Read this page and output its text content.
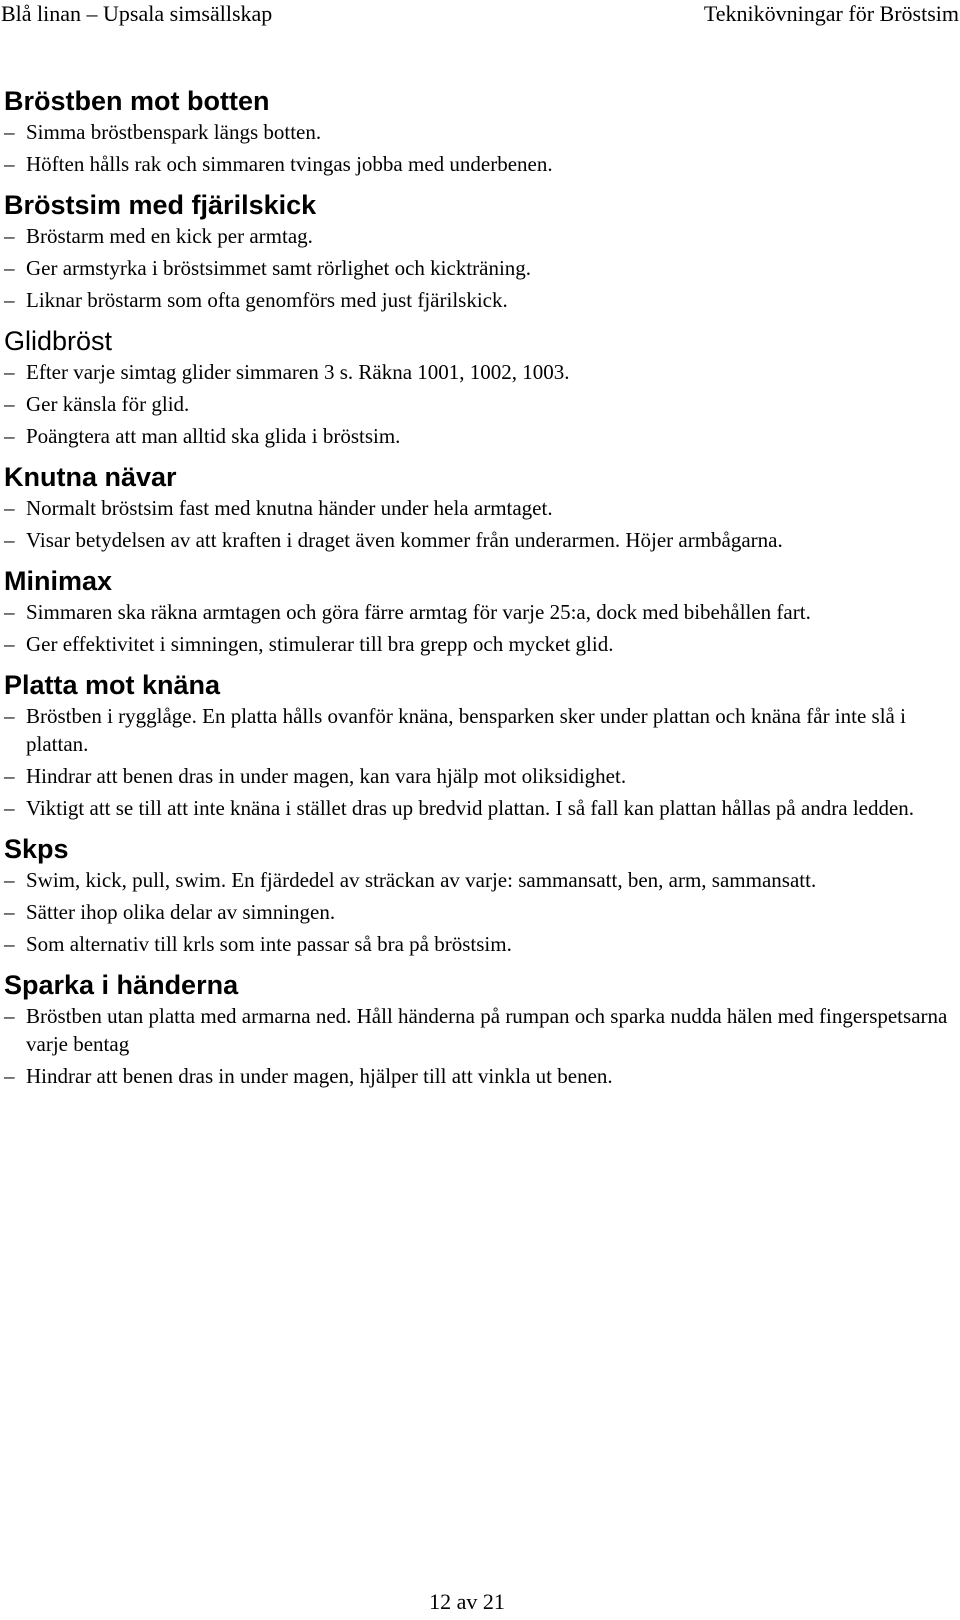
Blå linan – Upsala simsällskap	Teknikövningar för Bröstsim
Bröstben mot botten
– Simma bröstbenspark längs botten.
– Höften hålls rak och simmaren tvingas jobba med underbenen.
Bröstsim med fjärilskick
– Bröstarm med en kick per armtag.
– Ger armstyrka i bröstsimmet samt rörlighet och kickträning.
– Liknar bröstarm som ofta genomförs med just fjärilskick.
Glidbröst
– Efter varje simtag glider simmaren 3 s. Räkna 1001, 1002, 1003.
– Ger känsla för glid.
– Poängtera att man alltid ska glida i bröstsim.
Knutna nävar
– Normalt bröstsim fast med knutna händer under hela armtaget.
– Visar betydelsen av att kraften i draget även kommer från underarmen. Höjer armbågarna.
Minimax
– Simmaren ska räkna armtagen och göra färre armtag för varje 25:a, dock med bibehållen fart.
– Ger effektivitet i simningen, stimulerar till bra grepp och mycket glid.
Platta mot knäna
– Bröstben i rygglåge. En platta hålls ovanför knäna, bensparken sker under plattan och knäna får inte slå i plattan.
– Hindrar att benen dras in under magen, kan vara hjälp mot oliksidighet.
– Viktigt att se till att inte knäna i stället dras up bredvid plattan. I så fall kan plattan hållas på andra ledden.
Skps
– Swim, kick, pull, swim. En fjärdedel av sträckan av varje: sammansatt, ben, arm, sammansatt.
– Sätter ihop olika delar av simningen.
– Som alternativ till krls som inte passar så bra på bröstsim.
Sparka i händerna
– Bröstben utan platta med armarna ned. Håll händerna på rumpan och sparka nudda hälen med fingerspetsarna varje bentag
– Hindrar att benen dras in under magen, hjälper till att vinkla ut benen.
12 av 21
